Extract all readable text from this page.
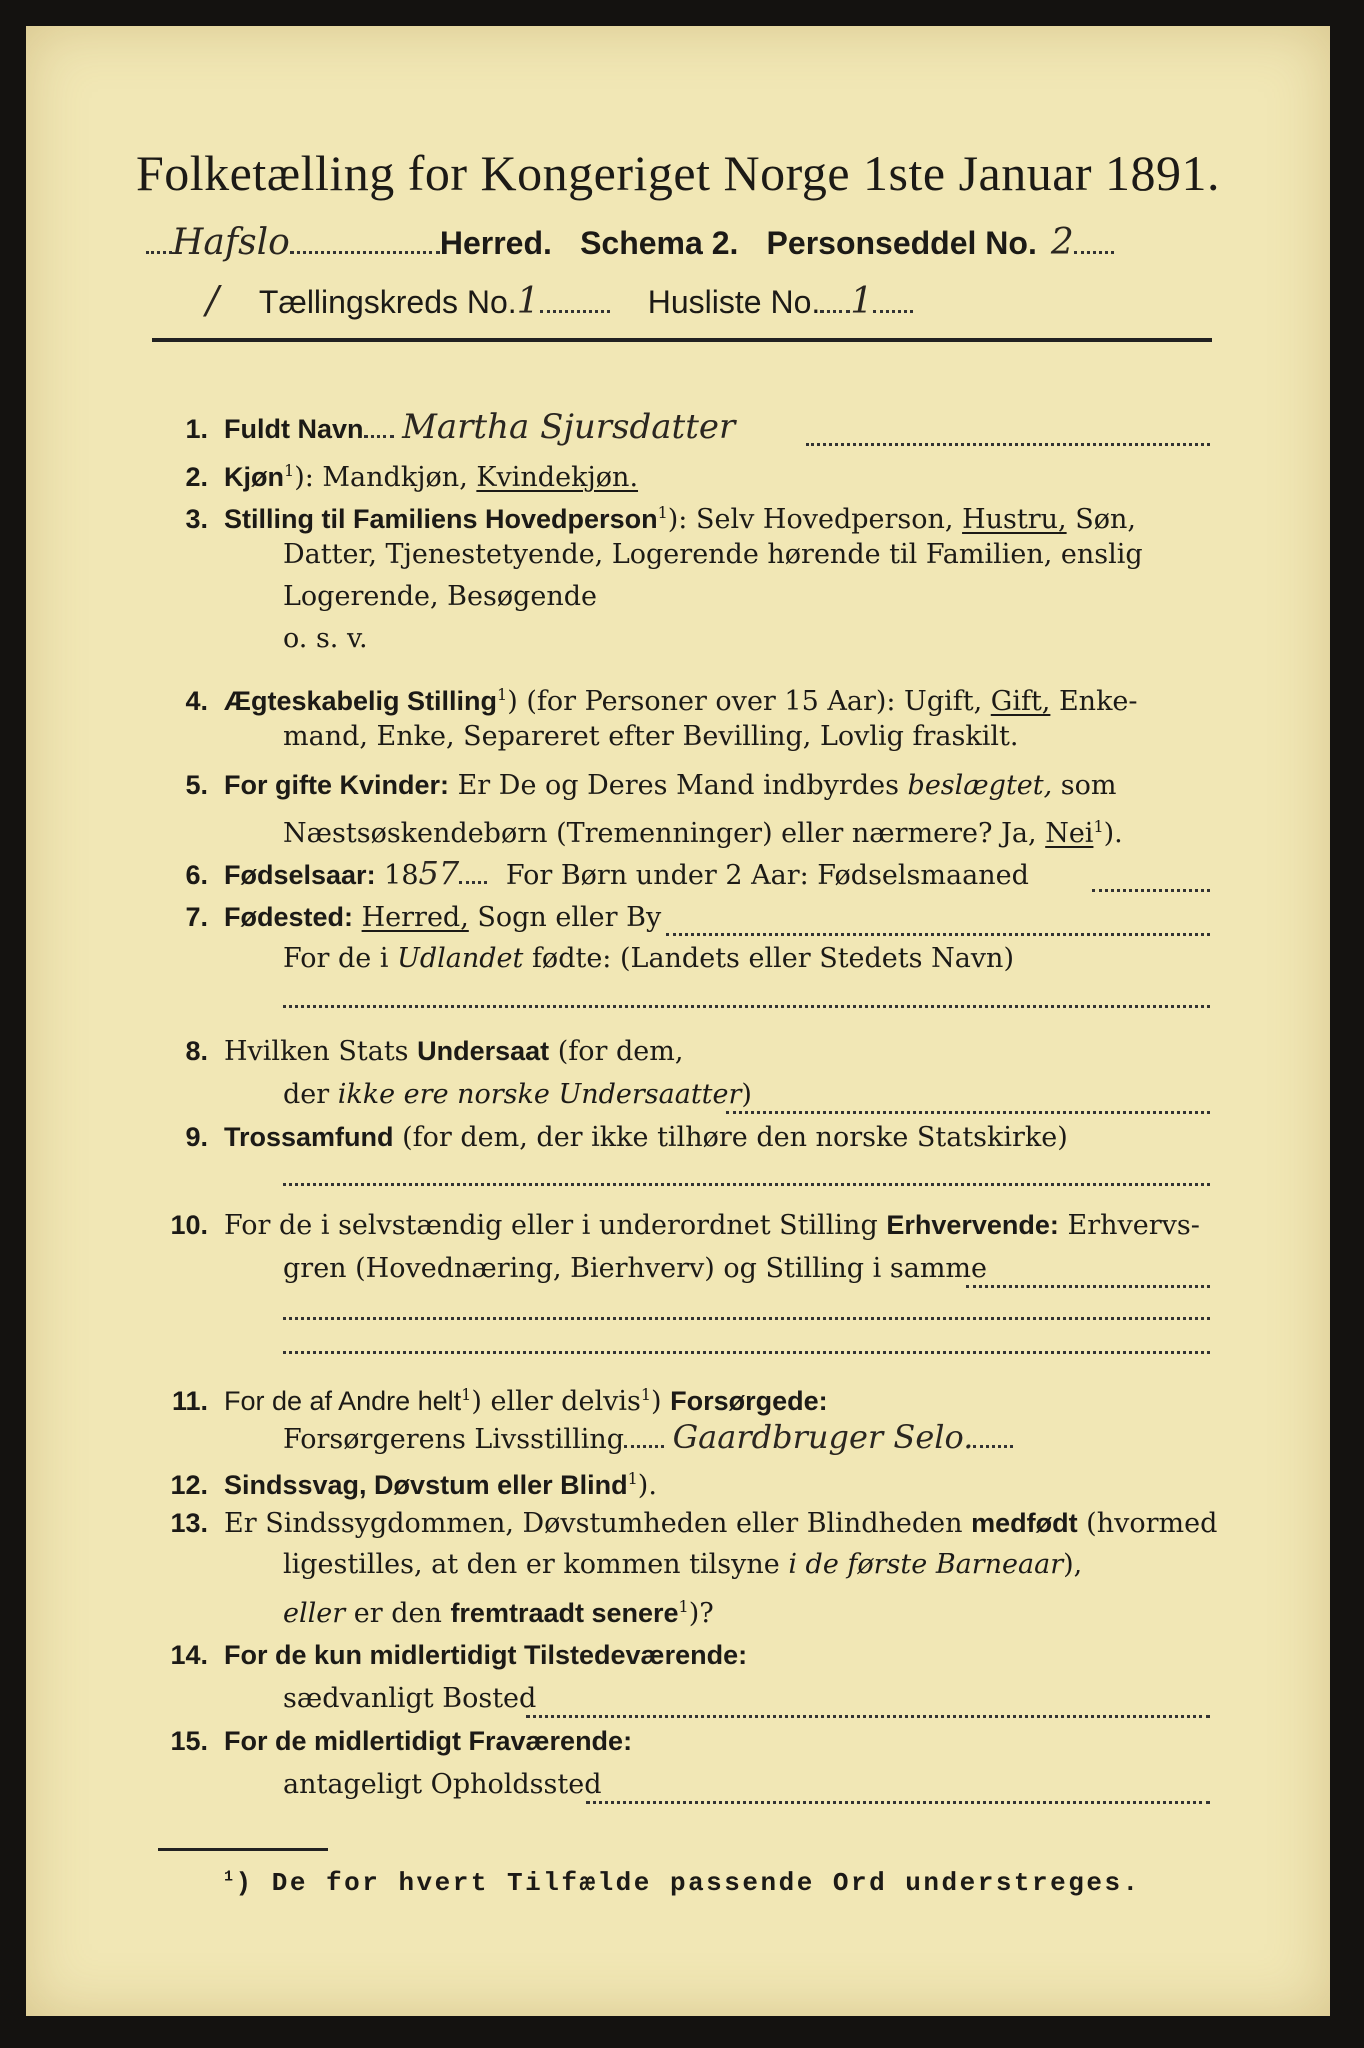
Folketælling for Kongeriget Norge 1ste Januar 1891.
Hafslo	Herred. Schema 2. Personseddel No. 2
/ Tællingskreds No.1	Husliste No. 1
1. Fuldt Navn Martha Sjursdatter
2. Kjøn$^1$): Mandkjøn, Kvindekjøn.
3. Stilling til Familiens Hovedperson$^1$): Selv Hovedperson, Hustru, Søn,
Datter, Tjenestetyende, Logerende hørende til Familien, enslig
Logerende, Besøgende
o. s. v.
4. Ægteskabelig Stilling$^1$) (for Personer over 15 Aar): Ugift, Gift, Enke-
mand, Enke, Separeret efter Bevilling, Lovlig fraskilt.
5. For gifte Kvinder: Er De og Deres Mand indbyrdes beslægtet, som
Næstsøskendebørn (Tremenninger) eller nærmere? Ja, Nei$^1$).
6. Fødselsaar: 1857 For Børn under 2 Aar: Fødselsmaaned
7. Fødested: Herred, Sogn eller By
For de i Udlandet fødte: (Landets eller Stedets Navn)
8. Hvilken Stats Undersaat (for dem,
der ikke ere norske Undersaatter)
9. Trossamfund (for dem, der ikke tilhøre den norske Statskirke)
10. For de i selvstændig eller i underordnet Stilling Erhvervende: Erhvervs-
gren (Hovednæring, Bierhverv) og Stilling i samme
11. For de af Andre helt$^1$) eller delvis$^1$) Forsørgede:
Forsørgerens Livsstilling Gaardbruger Selo.
12. Sindssvag, Døvstum eller Blind$^1$).
13. Er Sindssygdommen, Døvstumheden eller Blindheden medfødt (hvormed
ligestilles, at den er kommen tilsyne i de første Barneaar),
eller er den fremtraadt senere$^1$)?
14. For de kun midlertidigt Tilstedeværende:
sædvanligt Bosted
15. For de midlertidigt Fraværende:
antageligt Opholdssted
$^1$) De for hvert Tilfælde passende Ord understreges.
